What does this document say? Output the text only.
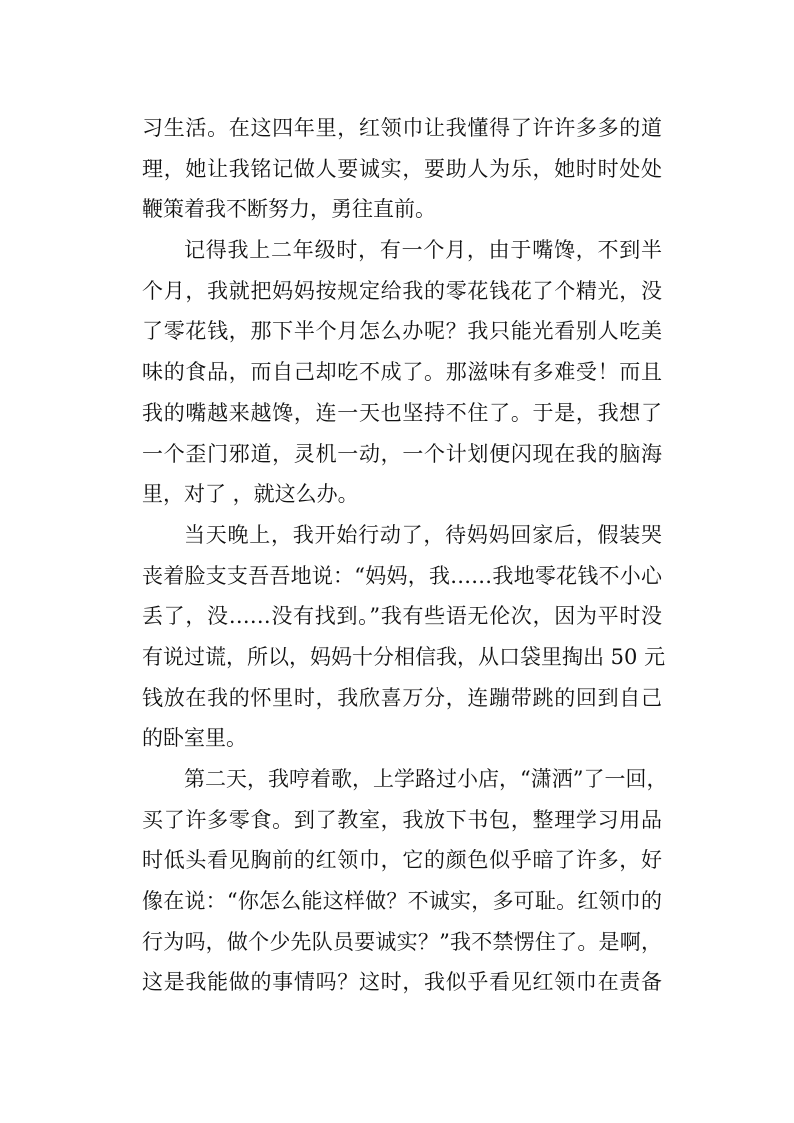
习生活。在这四年里，红领巾让我懂得了许许多多的道
理，她让我铭记做人要诚实，要助人为乐，她时时处处
鞭策着我不断努力，勇往直前。
记得我上二年级时，有一个月，由于嘴馋，不到半
个月，我就把妈妈按规定给我的零花钱花了个精光，没
了零花钱，那下半个月怎么办呢？我只能光看别人吃美
味的食品，而自己却吃不成了。那滋味有多难受！而且
我的嘴越来越馋，连一天也坚持不住了。于是，我想了
一个歪门邪道，灵机一动，一个计划便闪现在我的脑海
里，对了 ，就这么办。
当天晚上，我开始行动了，待妈妈回家后，假装哭
丧着脸支支吾吾地说：“妈妈，我……我地零花钱不小心
丢了，没……没有找到。”我有些语无伦次，因为平时没
有说过谎，所以，妈妈十分相信我，从口袋里掏出 50 元
钱放在我的怀里时，我欣喜万分，连蹦带跳的回到自己
的卧室里。
第二天，我哼着歌，上学路过小店，“潇洒”了一回，
买了许多零食。到了教室，我放下书包，整理学习用品
时低头看见胸前的红领巾，它的颜色似乎暗了许多，好
像在说：“你怎么能这样做？不诚实，多可耻。红领巾的
行为吗，做个少先队员要诚实？”我不禁愣住了。是啊，
这是我能做的事情吗？这时，我似乎看见红领巾在责备
